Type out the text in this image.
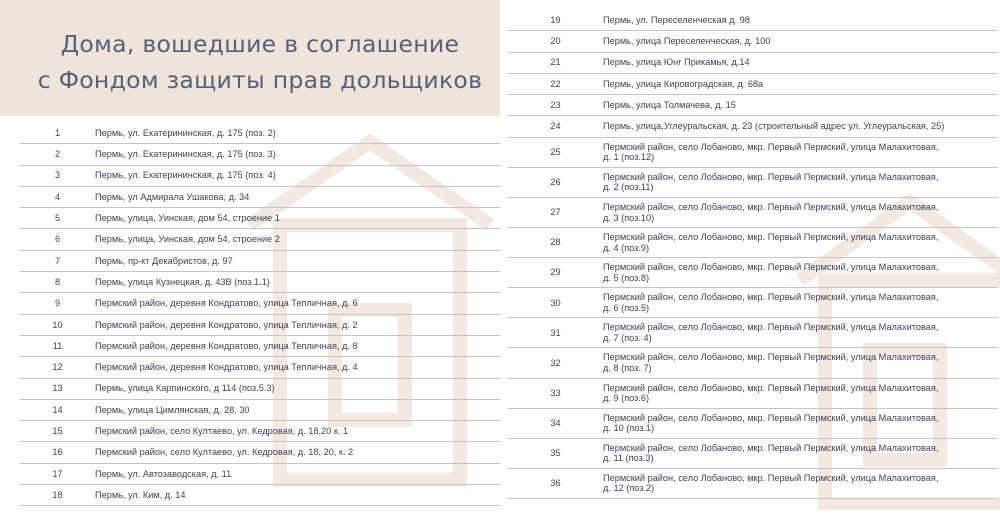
Дома, вошедшие в соглашение
с Фондом защиты прав дольщиков
1	Пермь, ул. Екатерининская, д. 175 (поз. 2)

2	Пермь, ул. Екатерининская, д. 175 (поз. 3)

3	Пермь, ул. Екатерининская, д. 175 (поз. 4)

4	Пермь, ул Адмирала Ушакова, д. 34

5	Пермь, улица, Уинская, дом 54, строение 1

6	Пермь, улица, Уинская, дом 54, строение 2

7	Пермь, пр-кт Декабристов, д. 97

8	Пермь, улица Кузнецкая, д. 43В (поз.1.1)

9	Пермский район, деревня Кондратово, улица Тепличная, д. 6

10	Пермский район, деревня Кондратово, улица Тепличная, д. 2

11	Пермский район, деревня Кондратово, улица Тепличная, д. 8

12	Пермский район, деревня Кондратово, улица Тепличная, д. 4

13	Пермь, улица Карпинского, д 114 (поз.5.3)

14	Пермь, улица Цимлянская, д. 28, 30

15	Пермский район, село Култаево, ул. Кедровая, д. 18,20 к. 1

16	Пермский район, село Култаево, ул. Кедровая, д. 18, 20, к. 2

17	Пермь, ул. Автозаводская, д. 11

18	Пермь, ул. Ким, д. 14
19	Пермь, ул. Переселенческая д. 98

20	Пермь, улица Переселенческая, д. 100

21	Пермь, улица Юнг Прикамья, д.14

22	Пермь, улица Кировоградская, д. 68а

23	Пермь, улица Толмачева, д. 15

24	Пермь, улица,Углеуральская, д. 23 (строительный адрес ул. Углеуральская, 25)

25	Пермский район, село Лобаново, мкр. Первый Пермский, улица Малахитовая,
д. 1 (поз.12)

26	Пермский район, село Лобаново, мкр. Первый Пермский, улица Малахитовая,
д. 2 (поз.11)

27	Пермский район, село Лобаново, мкр. Первый Пермский, улица Малахитовая,
д. 3 (поз.10)

28	Пермский район, село Лобаново, мкр. Первый Пермский, улица Малахитовая,
д. 4 (поз.9)

29	Пермский район, село Лобаново, мкр. Первый Пермский, улица Малахитовая,
д. 5 (поз.8)

30	Пермский район, село Лобаново, мкр. Первый Пермский, улица Малахитовая,
д. 6 (поз.5)

31	Пермский район, село Лобаново, мкр. Первый Пермский, улица Малахитовая,
д. 7 (поз. 4)

32	Пермский район, село Лобаново, мкр. Первый Пермский, улица Малахитовая,
д. 8 (поз. 7)

33	Пермский район, село Лобаново, мкр. Первый Пермский, улица Малахитовая,
д. 9 (поз.6)

34	Пермский район, село Лобаново, мкр. Первый Пермский, улица Малахитовая,
д. 10 (поз.1)

35	Пермский район, село Лобаново, мкр. Первый Пермский, улица Малахитовая,
д. 11 (поз.3)

36	Пермский район, село Лобаново, мкр. Первый Пермский, улица Малахитовая,
д. 12 (поз.2)
